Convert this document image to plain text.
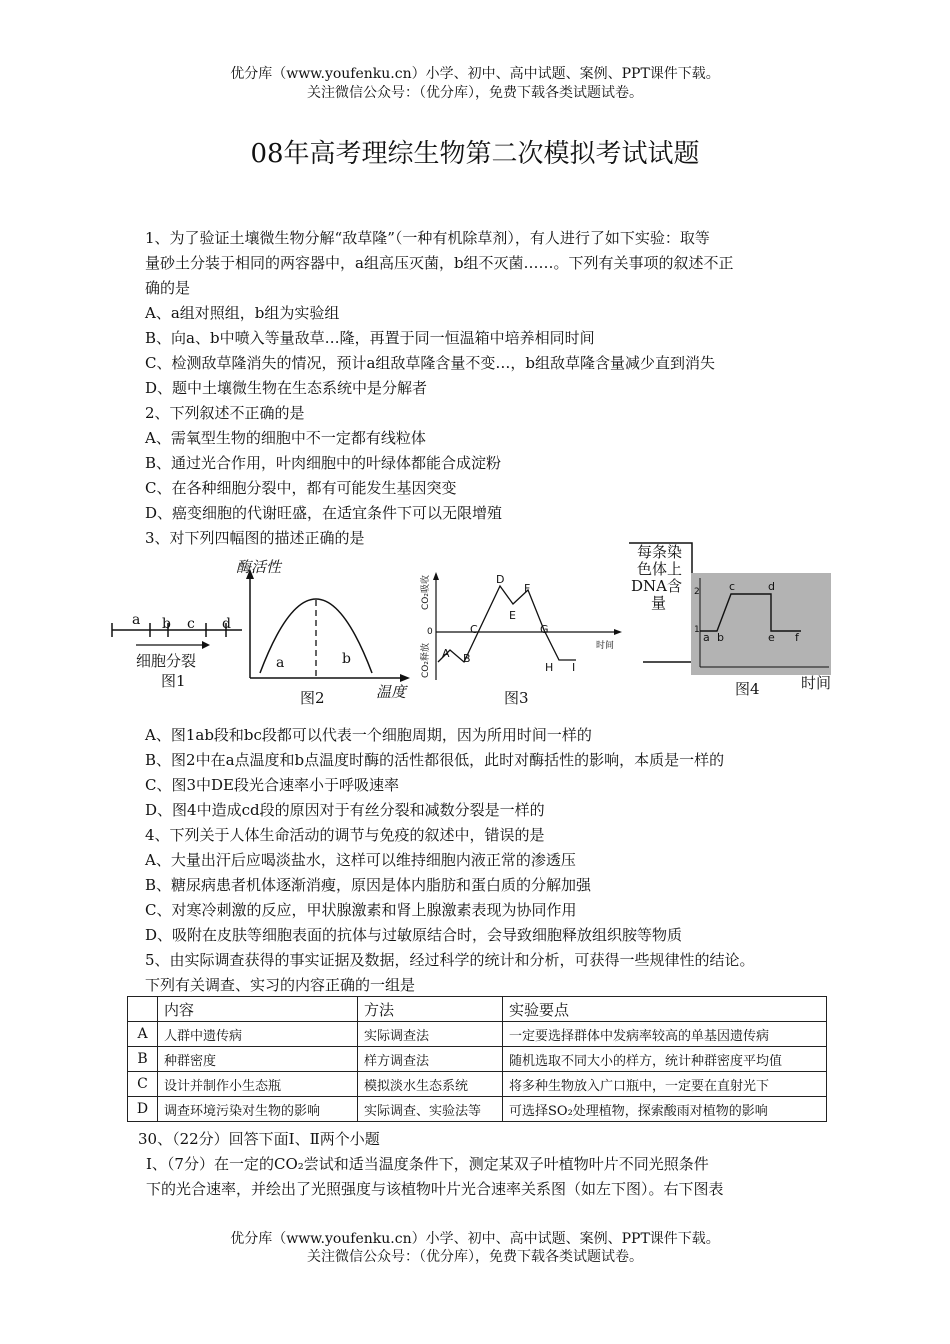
优分库（www.youfenku.cn）小学、初中、高中试题、案例、PPT课件下载。
关注微信公众号：（优分库），免费下载各类试题试卷。
08年高考理综生物第二次模拟考试试题
1、为了验证土壤微生物分解“敌草隆”（一种有机除草剂），有人进行了如下实验：取等
量砂土分装于相同的两容器中，a组高压灭菌，b组不灭菌……。下列有关事项的叙述不正
确的是
A、a组对照组，b组为实验组
B、向a、b中喷入等量敌草…隆，再置于同一恒温箱中培养相同时间
C、检测敌草隆消失的情况，预计a组敌草隆含量不变…，b组敌草隆含量减少直到消失
D、题中土壤微生物在生态系统中是分解者
2、下列叙述不正确的是
A、需氧型生物的细胞中不一定都有线粒体
B、通过光合作用，叶肉细胞中的叶绿体都能合成淀粉
C、在各种细胞分裂中，都有可能发生基因突变
D、癌变细胞的代谢旺盛，在适宜条件下可以无限增殖
3、对下列四幅图的描述正确的是
a b c d
细胞分裂
图1
酶活性
a	b
图2	温度
CO₂吸收
CO₂释放
0
时间
A B
C
D
E
F
G
H I
图3
每条染
色体上
DNA含
量
2
1
a b
c	d
e f
图4	时间
A、图1ab段和bc段都可以代表一个细胞周期，因为所用时间一样的
B、图2中在a点温度和b点温度时酶的活性都很低，此时对酶括性的影响，本质是一样的
C、图3中DE段光合速率小于呼吸速率
D、图4中造成cd段的原因对于有丝分裂和减数分裂是一样的
4、下列关于人体生命活动的调节与免疫的叙述中，错误的是
A、大量出汗后应喝淡盐水，这样可以维持细胞内液正常的渗透压
B、糖尿病患者机体逐渐消瘦，原因是体内脂肪和蛋白质的分解加强
C、对寒冷刺激的反应，甲状腺激素和肾上腺激素表现为协同作用
D、吸附在皮肤等细胞表面的抗体与过敏原结合时，会导致细胞释放组织胺等物质
5、由实际调查获得的事实证据及数据，经过科学的统计和分析，可获得一些规律性的结论。
下列有关调查、实习的内容正确的一组是
	内容	方法	实验要点
A	人群中遗传病	实际调查法	一定要选择群体中发病率较高的单基因遗传病
B	种群密度	样方调查法	随机选取不同大小的样方，统计种群密度平均值
C	设计并制作小生态瓶	模拟淡水生态系统	将多种生物放入广口瓶中，一定要在直射光下
D	调查环境污染对生物的影响	实际调查、实验法等	可选择SO₂处理植物，探索酸雨对植物的影响
30、（22分）回答下面Ⅰ、Ⅱ两个小题
Ⅰ、（7分）在一定的CO₂尝试和适当温度条件下，测定某双子叶植物叶片不同光照条件
下的光合速率，并绘出了光照强度与该植物叶片光合速率关系图（如左下图）。右下图表
优分库（www.youfenku.cn）小学、初中、高中试题、案例、PPT课件下载。
关注微信公众号：（优分库），免费下载各类试题试卷。
